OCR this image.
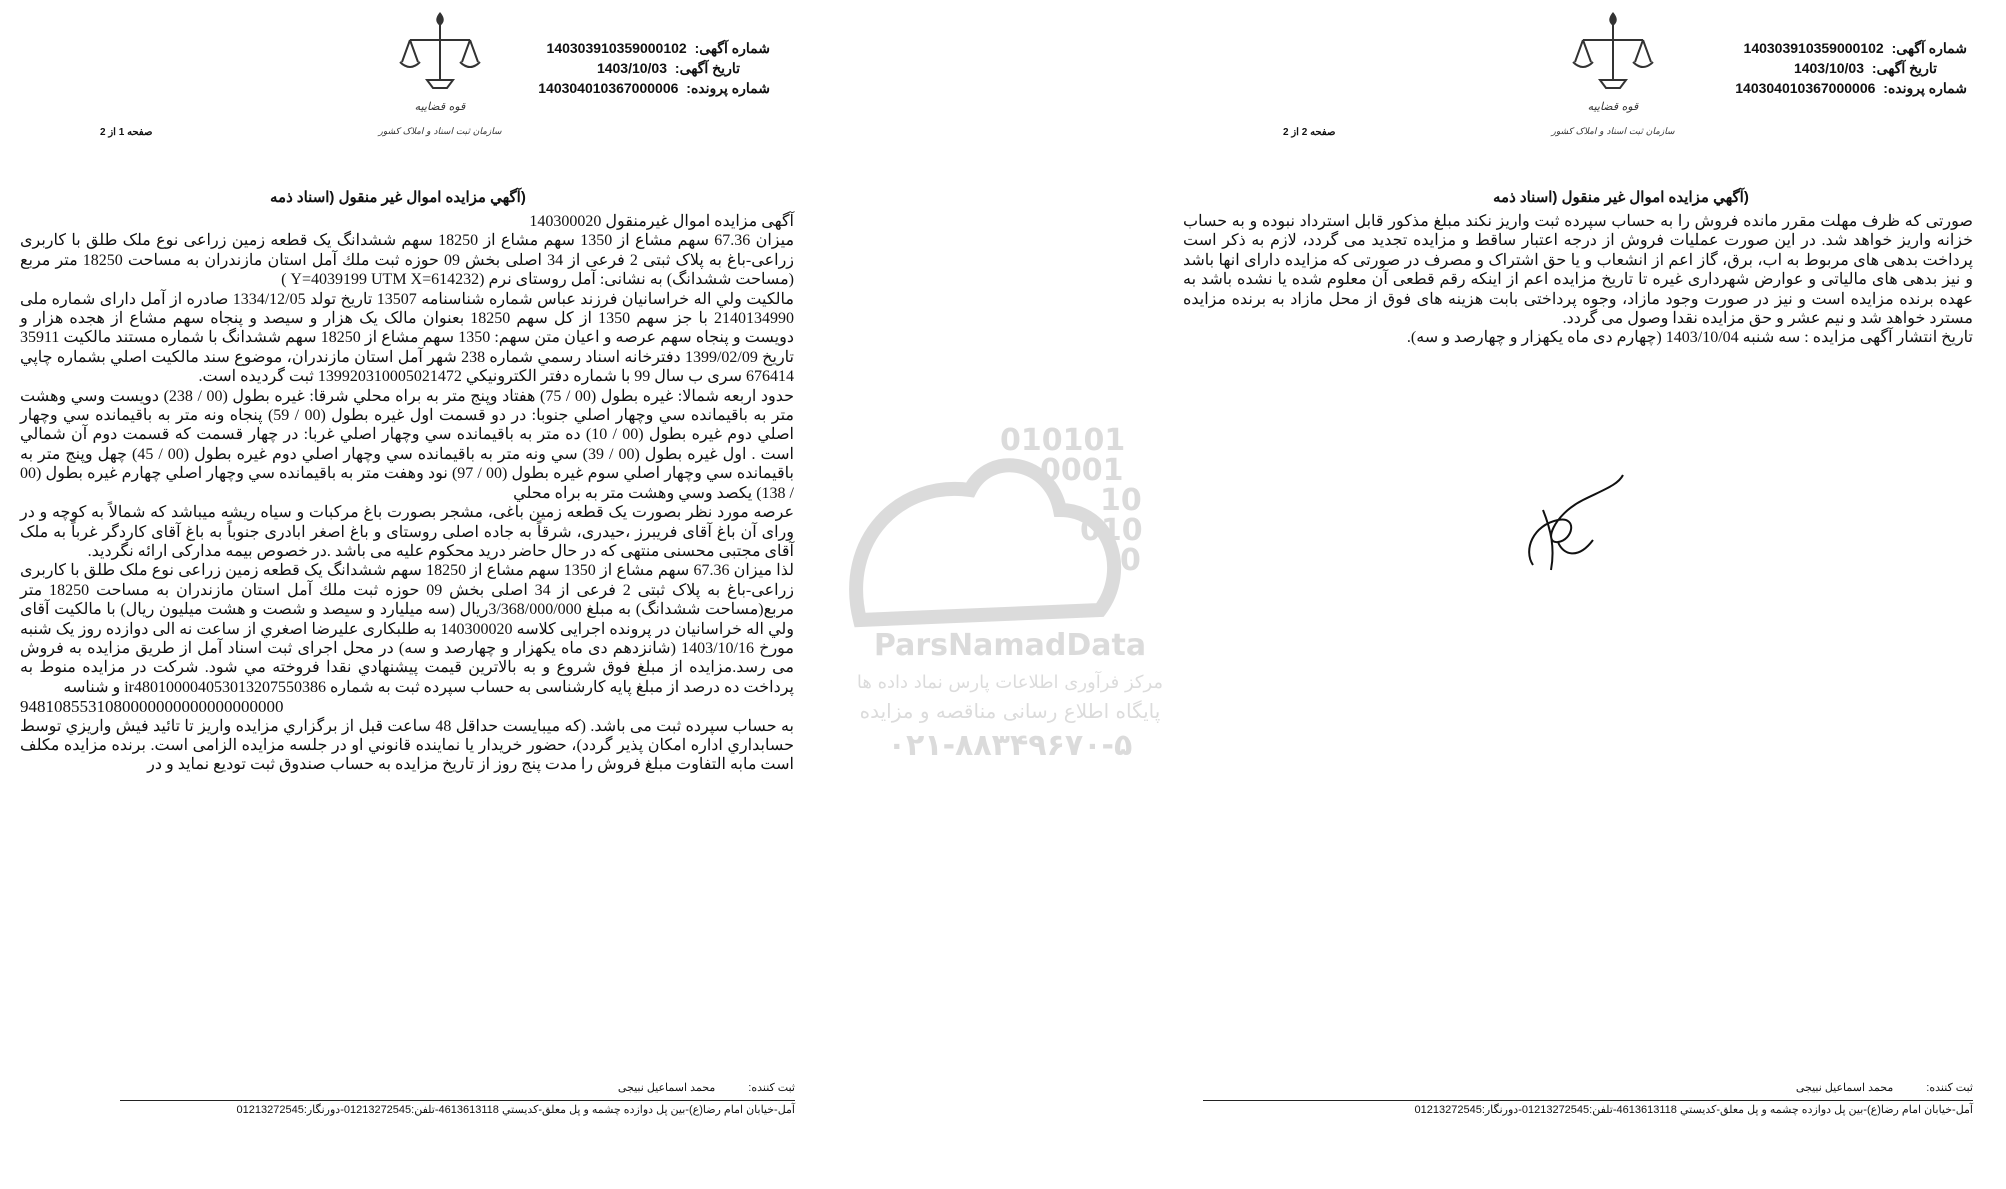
شماره آگهی: 140303910359000102
تاریخ آگهی: 1403/10/03
شماره پرونده: 140304010367000006
قوه قضاییه
سازمان ثبت اسناد و املاک کشور
صفحه 1 از 2
(آگهي مزايده اموال غير منقول (اسناد ذمه

آگهی مزایده اموال غیرمنقول 140300020

میزان 67.36 سهم مشاع از 1350 سهم مشاع از 18250 سهم ششدانگ یک قطعه زمین زراعی نوع ملک طلق با کاربری زراعی-باغ به پلاک ثبتی 2 فرعی از 34 اصلی بخش 09 حوزه ثبت ملك آمل استان مازندران به مساحت 18250 متر مربع (مساحت ششدانگ) به نشانی: آمل روستای نرم (Y=4039199 UTM X=614232 )

مالکیت ولي اله خراسانيان فرزند عباس شماره شناسنامه 13507 تاریخ تولد 1334/12/05 صادره از آمل دارای شماره ملی 2140134990 با جز سهم 1350 از کل سهم 18250 بعنوان مالک یک هزار و سیصد و پنجاه سهم مشاع از هجده هزار و دویست و پنجاه سهم عرصه و اعيان متن سهم: 1350 سهم مشاع از 18250 سهم ششدانگ با شماره مستند مالکیت 35911 تاریخ 1399/02/09 دفترخانه اسناد رسمي شماره 238 شهر آمل استان مازندران، موضوع سند مالکیت اصلي بشماره چاپي 676414 سری ب سال 99 با شماره دفتر الكترونيكي 139920310005021472 ثبت گرديده است.

حدود اربعه شمالا: غيره بطول (00 / 75) هفتاد وپنج متر به براه محلي شرقا: غيره بطول (00 / 238) دويست وسي وهشت متر به باقيمانده سي وچهار اصلي جنوبا: در دو قسمت اول غيره بطول (00 / 59) پنجاه ونه متر به باقيمانده سي وچهار اصلي دوم غيره بطول (00 / 10) ده متر به باقيمانده سي وچهار اصلي غربا: در چهار قسمت كه قسمت دوم آن شمالي است . اول غيره بطول (00 / 39) سي ونه متر به باقيمانده سي وچهار اصلي دوم غيره بطول (00 / 45) چهل وپنج متر به باقيمانده سي وچهار اصلي سوم غيره بطول (00 / 97) نود وهفت متر به باقيمانده سي وچهار اصلي چهارم غيره بطول (00 / 138) يكصد وسي وهشت متر به براه محلي

عرصه مورد نظر بصورت یک قطعه زمین باغی، مشجر بصورت باغ مرکبات و سیاه ریشه میباشد که شمالاً به کوچه و در ورای آن باغ آقای فریبرز ،حیدری، شرقاً به جاده اصلی روستای و باغ اصغر ابادری جنوباً به باغ آقای کاردگر غرباً به ملک آقای مجتبی محسنی منتهی که در حال حاضر درید محکوم علیه می باشد .در خصوص بیمه مدارکی ارائه نگردید.

لذا ميزان 67.36 سهم مشاع از 1350 سهم مشاع از 18250 سهم ششدانگ یک قطعه زمین زراعی نوع ملک طلق با کاربری زراعی-باغ به پلاک ثبتی 2 فرعی از 34 اصلی بخش 09 حوزه ثبت ملك آمل استان مازندران به مساحت 18250 متر مربع(مساحت ششدانگ) به مبلغ 3/368/000/000ریال (سه میلیارد و سیصد و شصت و هشت میلیون ریال) با مالکیت آقای ولي اله خراسانيان در پرونده اجرایی کلاسه 140300020 به طلبکاری علیرضا اصغري از ساعت نه الی دوازده روز یک شنبه مورخ 1403/10/16 (شانزدهم دی ماه یکهزار و چهارصد و سه) در محل اجرای ثبت اسناد آمل از طریق مزایده به فروش می رسد.مزايده از مبلغ فوق شروع و به بالاترين قيمت پيشنهادي نقدا فروخته مي شود. شرکت در مزایده منوط به پرداخت ده درصد از مبلغ پایه کارشناسی به حساب سپرده ثبت به شماره ir480100004053013207550386 و شناسه

9481085531080000000000000000000

به حساب سپرده ثبت می باشد. (كه ميبايست حداقل 48 ساعت قبل از برگزاري مزايده واريز تا تائيد فيش واريزي توسط حسابداري اداره امكان پذير گردد)، حضور خريدار يا نماينده قانوني او در جلسه مزايده الزامی است. برنده مزايده مكلف است مابه التفاوت مبلغ فروش را مدت پنج روز از تاريخ مزايده به حساب صندوق ثبت توديع نمايد و در

ثبت کننده: محمد اسماعيل نبيجی
آمل-خيابان امام رضا(ع)-بين پل دوازده چشمه و پل معلق-كديستي 4613613118-تلفن:01213272545-دورنگار:01213272545
شماره آگهی: 140303910359000102
تاریخ آگهی: 1403/10/03
شماره پرونده: 140304010367000006
قوه قضاییه
سازمان ثبت اسناد و املاک کشور
صفحه 2 از 2
(آگهي مزايده اموال غير منقول (اسناد ذمه

صورتی که ظرف مهلت مقرر مانده فروش را به حساب سپرده ثبت واریز نکند مبلغ مذکور قابل استرداد نبوده و به حساب خزانه واریز خواهد شد. در این صورت عملیات فروش از درجه اعتبار ساقط و مزایده تجدید می گردد، لازم به ذکر است پرداخت بدهی های مربوط به اب، برق، گاز اعم از انشعاب و یا حق اشتراک و مصرف در صورتی که مزایده دارای انها باشد و نیز بدهی های مالیاتی و عوارض شهرداری غیره تا تاریخ مزایده اعم از اینکه رقم قطعی آن معلوم شده یا نشده باشد به عهده برنده مزایده است و نیز در صورت وجود مازاد، وجوه پرداختی بابت هزینه های فوق از محل مازاد به برنده مزایده مسترد خواهد شد و نیم عشر و حق مزایده نقدا وصول می گردد.

تاریخ انتشار آگهی مزایده : سه شنبه 1403/10/04 (چهارم دی ماه یکهزار و چهارصد و سه).

ثبت کننده: محمد اسماعيل نبيجی
آمل-خيابان امام رضا(ع)-بين پل دوازده چشمه و پل معلق-كديستي 4613613118-تلفن:01213272545-دورنگار:01213272545
010101
0001
10
010
0
ParsNamadData
مرکز فرآوری اطلاعات پارس نماد داده ها
پایگاه اطلاع رسانی مناقصه و مزایده
۰۲۱-۸۸۳۴۹۶۷۰-۵
